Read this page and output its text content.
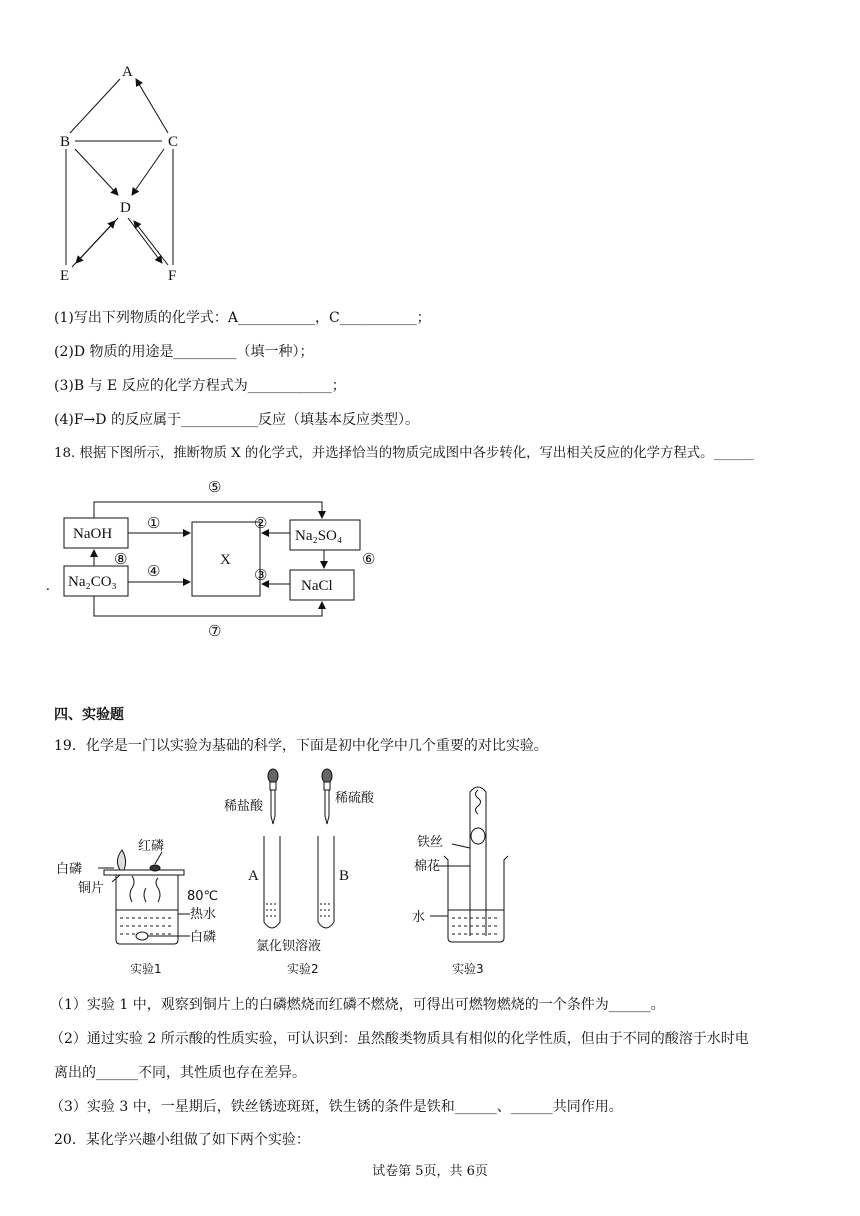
A
B	C
D
E	F
(1)写出下列物质的化学式：A___________，C___________；
(2)D 物质的用途是_________（填一种）；
(3)B 与 E 反应的化学方程式为____________；
(4)F→D 的反应属于___________反应（填基本反应类型）。
18. 根据下图所示，推断物质 X 的化学式，并选择恰当的物质完成图中各步转化，写出相关反应的化学方程式。______
NaOH
Na₂CO₃
X
Na₂SO₄
NaCl
①	②
③
④
⑤
⑥
⑦
⑧
.
四、实验题
19．化学是一门以实验为基础的科学，下面是初中化学中几个重要的对比实验。
白磷
红磷
铜片
80℃
热水
白磷
实验1
稀盐酸
稀硫酸
A	B
氯化钡溶液
实验2
铁丝
棉花
水
实验3
（1）实验 1 中，观察到铜片上的白磷燃烧而红磷不燃烧，可得出可燃物燃烧的一个条件为______。
（2）通过实验 2 所示酸的性质实验，可认识到：虽然酸类物质具有相似的化学性质，但由于不同的酸溶于水时电
离出的______不同，其性质也存在差异。
（3）实验 3 中，一星期后，铁丝锈迹斑斑，铁生锈的条件是铁和______、______共同作用。
20．某化学兴趣小组做了如下两个实验：
试卷第 5页，共 6页
